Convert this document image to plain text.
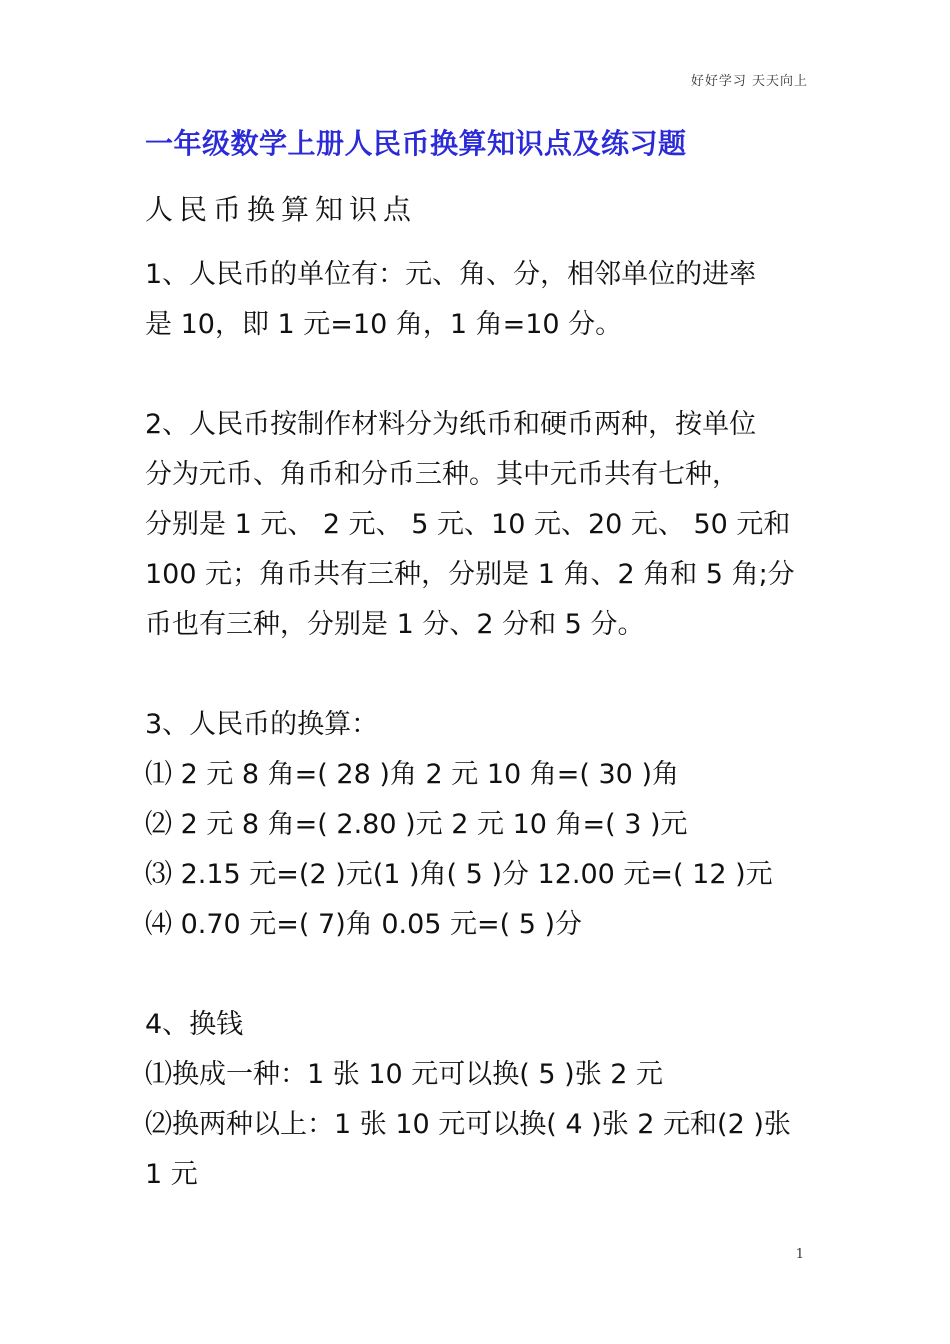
好好学习 天天向上
一年级数学上册人民币换算知识点及练习题
人民币换算知识点
1、人民币的单位有：元、角、分，相邻单位的进率
是 10，即 1 元=10 角，1 角=10 分。
2、人民币按制作材料分为纸币和硬币两种，按单位
分为元币、角币和分币三种。其中元币共有七种，
分别是 1 元、 2 元、 5 元、10 元、20 元、 50 元和
100 元；角币共有三种，分别是 1 角、2 角和 5 角;分
币也有三种，分别是 1 分、2 分和 5 分。
3、人民币的换算：
⑴ 2 元 8 角=( 28 )角 2 元 10 角=( 30 )角
⑵ 2 元 8 角=( 2.80 )元 2 元 10 角=( 3 )元
⑶ 2.15 元=(2 )元(1 )角( 5 )分 12.00 元=( 12 )元
⑷ 0.70 元=( 7)角 0.05 元=( 5 )分
4、换钱
⑴换成一种：1 张 10 元可以换( 5 )张 2 元
⑵换两种以上：1 张 10 元可以换( 4 )张 2 元和(2 )张
1 元
1
